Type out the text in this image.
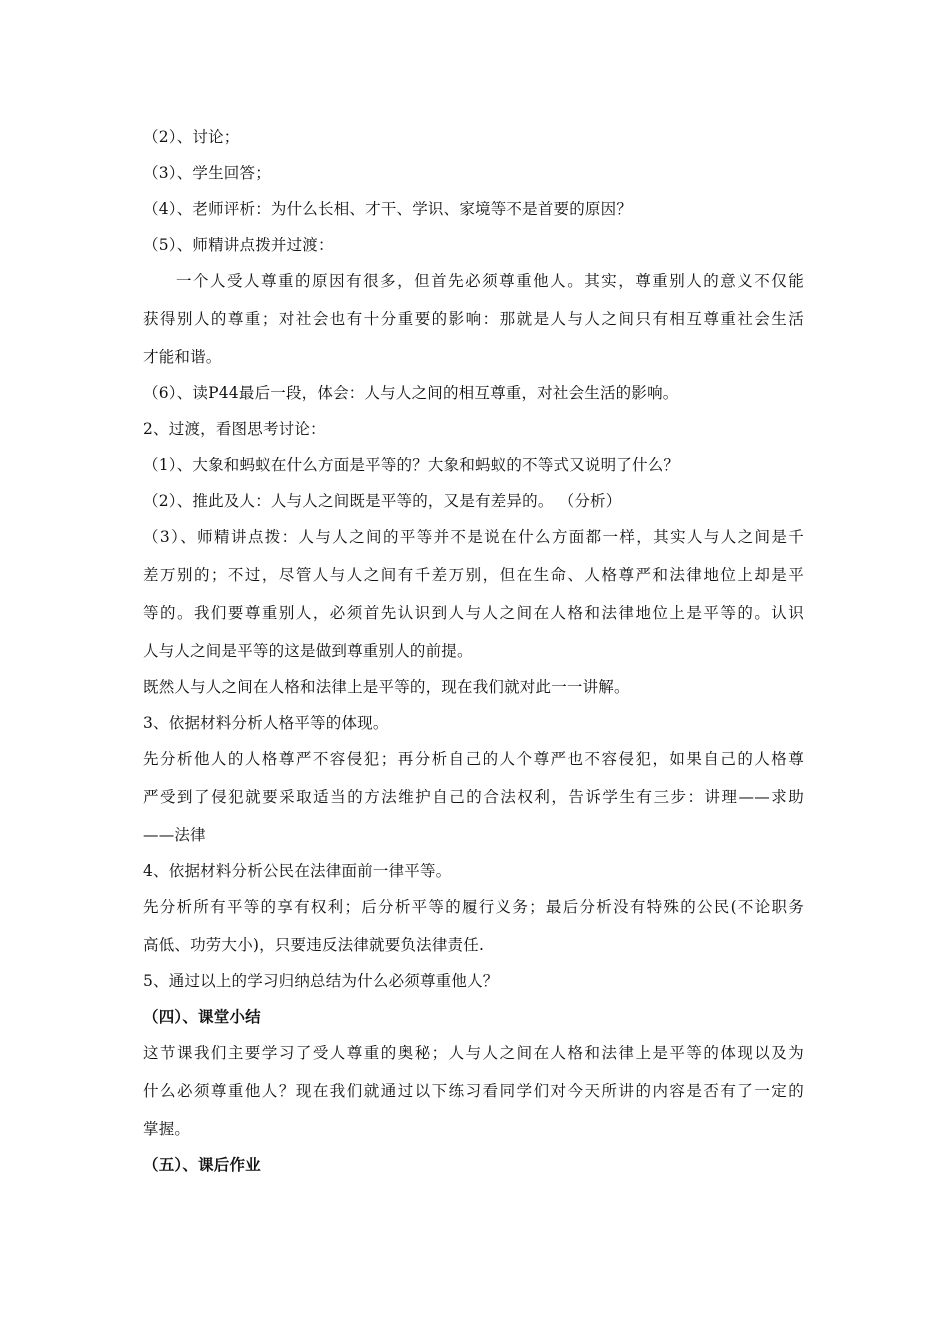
（2）、讨论；
（3）、学生回答；
（4）、老师评析：为什么长相、才干、学识、家境等不是首要的原因？
（5）、师精讲点拨并过渡：
一个人受人尊重的原因有很多，但首先必须尊重他人。其实，尊重别人的意义不仅能
获得别人的尊重；对社会也有十分重要的影响：那就是人与人之间只有相互尊重社会生活
才能和谐。
（6）、读P44最后一段，体会：人与人之间的相互尊重，对社会生活的影响。
2、过渡，看图思考讨论：
（1）、大象和蚂蚁在什么方面是平等的？大象和蚂蚁的不等式又说明了什么？
（2）、推此及人：人与人之间既是平等的，又是有差异的。 （分析）
（3）、师精讲点拨：人与人之间的平等并不是说在什么方面都一样，其实人与人之间是千
差万别的；不过，尽管人与人之间有千差万别，但在生命、人格尊严和法律地位上却是平
等的。我们要尊重别人，必须首先认识到人与人之间在人格和法律地位上是平等的。认识
人与人之间是平等的这是做到尊重别人的前提。
既然人与人之间在人格和法律上是平等的，现在我们就对此一一讲解。
3、依据材料分析人格平等的体现。
先分析他人的人格尊严不容侵犯；再分析自己的人个尊严也不容侵犯，如果自己的人格尊
严受到了侵犯就要采取适当的方法维护自己的合法权利，告诉学生有三步：讲理——求助
——法律
4、依据材料分析公民在法律面前一律平等。
先分析所有平等的享有权利；后分析平等的履行义务；最后分析没有特殊的公民(不论职务
高低、功劳大小)，只要违反法律就要负法律责任.
5、通过以上的学习归纳总结为什么必须尊重他人？
（四）、课堂小结
这节课我们主要学习了受人尊重的奥秘；人与人之间在人格和法律上是平等的体现以及为
什么必须尊重他人？现在我们就通过以下练习看同学们对今天所讲的内容是否有了一定的
掌握。
（五）、课后作业
